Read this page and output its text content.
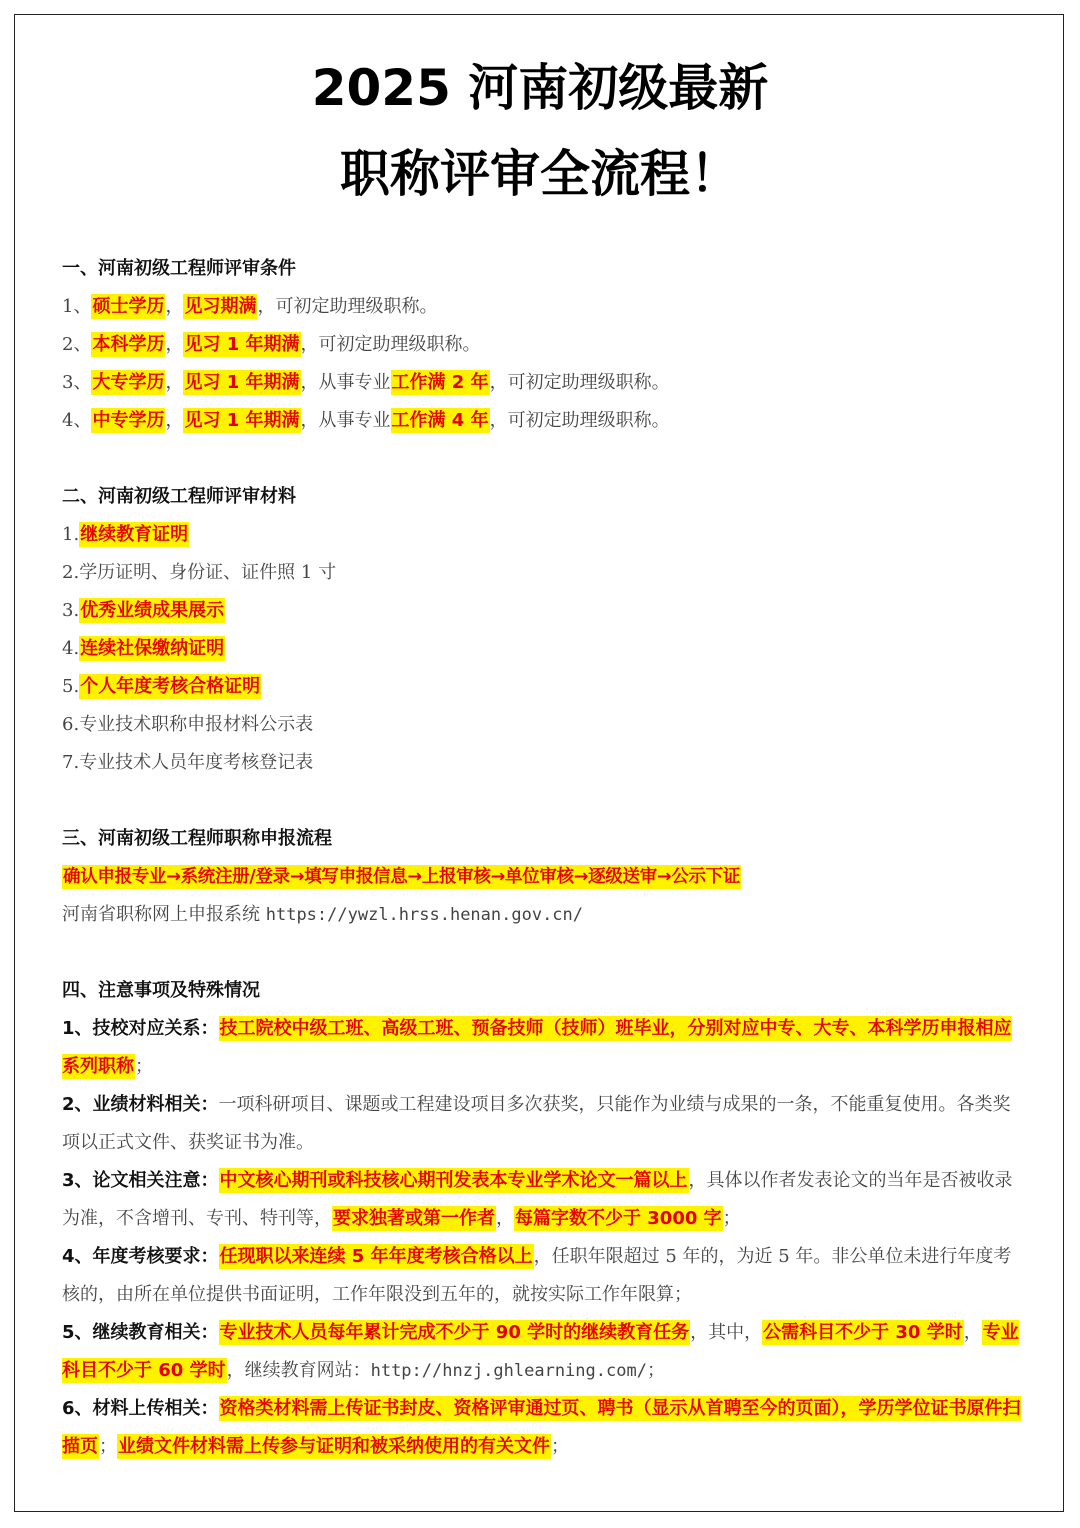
2025 河南初级最新
职称评审全流程！
一、河南初级工程师评审条件
1、硕士学历，见习期满，可初定助理级职称。
2、本科学历，见习 1 年期满，可初定助理级职称。
3、大专学历，见习 1 年期满，从事专业工作满 2 年，可初定助理级职称。
4、中专学历，见习 1 年期满，从事专业工作满 4 年，可初定助理级职称。
二、河南初级工程师评审材料
1.继续教育证明
2.学历证明、身份证、证件照 1 寸
3.优秀业绩成果展示
4.连续社保缴纳证明
5.个人年度考核合格证明
6.专业技术职称申报材料公示表
7.专业技术人员年度考核登记表
三、河南初级工程师职称申报流程
确认申报专业→系统注册/登录→填写申报信息→上报审核→单位审核→逐级送审→公示下证
河南省职称网上申报系统 https://ywzl.hrss.henan.gov.cn/
四、注意事项及特殊情况
1、技校对应关系：技工院校中级工班、高级工班、预备技师（技师）班毕业，分别对应中专、大专、本科学历申报相应系列职称；
2、业绩材料相关：一项科研项目、课题或工程建设项目多次获奖，只能作为业绩与成果的一条，不能重复使用。各类奖项以正式文件、获奖证书为准。
3、论文相关注意：中文核心期刊或科技核心期刊发表本专业学术论文一篇以上，具体以作者发表论文的当年是否被收录为准，不含增刊、专刊、特刊等，要求独著或第一作者，每篇字数不少于 3000 字；
4、年度考核要求：任现职以来连续 5 年年度考核合格以上，任职年限超过 5 年的，为近 5 年。非公单位未进行年度考核的，由所在单位提供书面证明，工作年限没到五年的，就按实际工作年限算；
5、继续教育相关：专业技术人员每年累计完成不少于 90 学时的继续教育任务，其中，公需科目不少于 30 学时，专业科目不少于 60 学时，继续教育网站：http://hnzj.ghlearning.com/；
6、材料上传相关：资格类材料需上传证书封皮、资格评审通过页、聘书（显示从首聘至今的页面），学历学位证书原件扫描页；业绩文件材料需上传参与证明和被采纳使用的有关文件；
